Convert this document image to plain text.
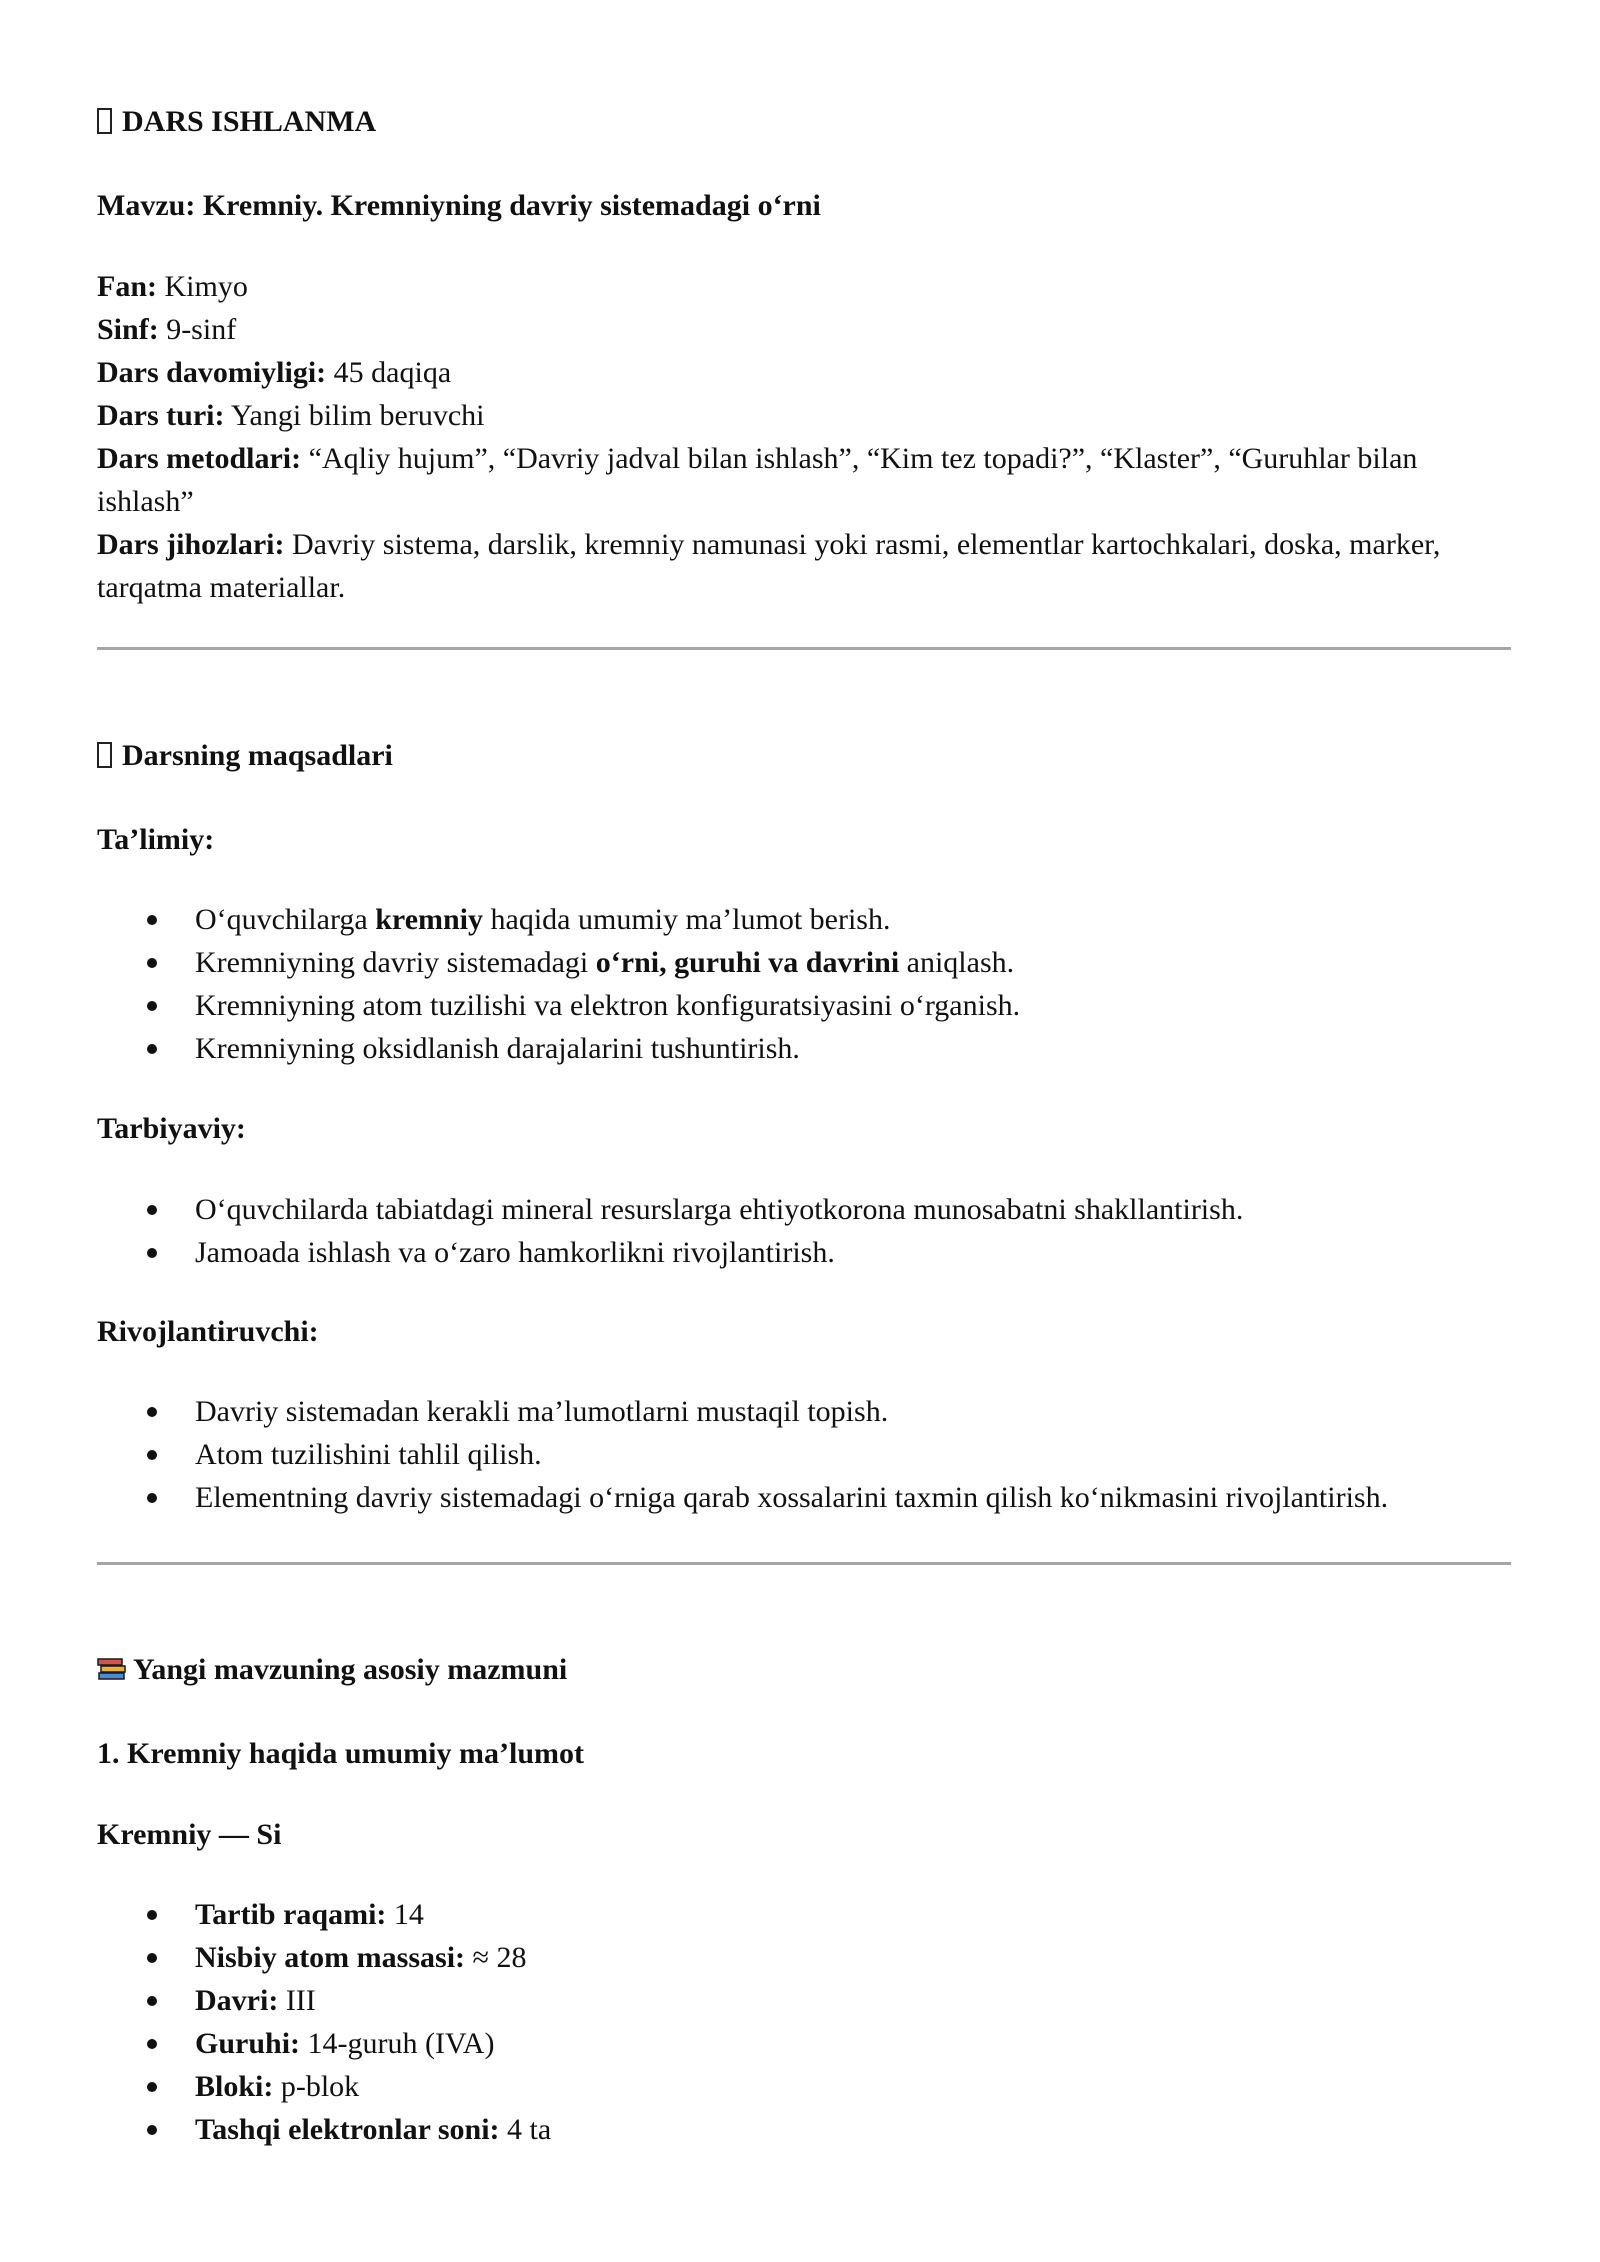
DARS ISHLANMA

Mavzu: Kremniy. Kremniyning davriy sistemadagi o‘rni

Fan: Kimyo

Sinf: 9-sinf

Dars davomiyligi: 45 daqiqa

Dars turi: Yangi bilim beruvchi

Dars metodlari: “Aqliy hujum”, “Davriy jadval bilan ishlash”, “Kim tez topadi?”, “Klaster”, “Guruhlar bilan ishlash”

Dars jihozlari: Davriy sistema, darslik, kremniy namunasi yoki rasmi, elementlar kartochkalari, doska, marker, tarqatma materiallar.

Darsning maqsadlari

Ta’limiy:

O‘quvchilarga kremniy haqida umumiy ma’lumot berish.
Kremniyning davriy sistemadagi o‘rni, guruhi va davrini aniqlash.
Kremniyning atom tuzilishi va elektron konfiguratsiyasini o‘rganish.
Kremniyning oksidlanish darajalarini tushuntirish.

Tarbiyaviy:

O‘quvchilarda tabiatdagi mineral resurslarga ehtiyotkorona munosabatni shakllantirish.
Jamoada ishlash va o‘zaro hamkorlikni rivojlantirish.

Rivojlantiruvchi:

Davriy sistemadan kerakli ma’lumotlarni mustaqil topish.
Atom tuzilishini tahlil qilish.
Elementning davriy sistemadagi o‘rniga qarab xossalarini taxmin qilish ko‘nikmasini rivojlantirish.

Yangi mavzuning asosiy mazmuni

1. Kremniy haqida umumiy ma’lumot

Kremniy — Si

Tartib raqami: 14
Nisbiy atom massasi: ≈ 28
Davri: III
Guruhi: 14-guruh (IVA)
Bloki: p-blok
Tashqi elektronlar soni: 4 ta
